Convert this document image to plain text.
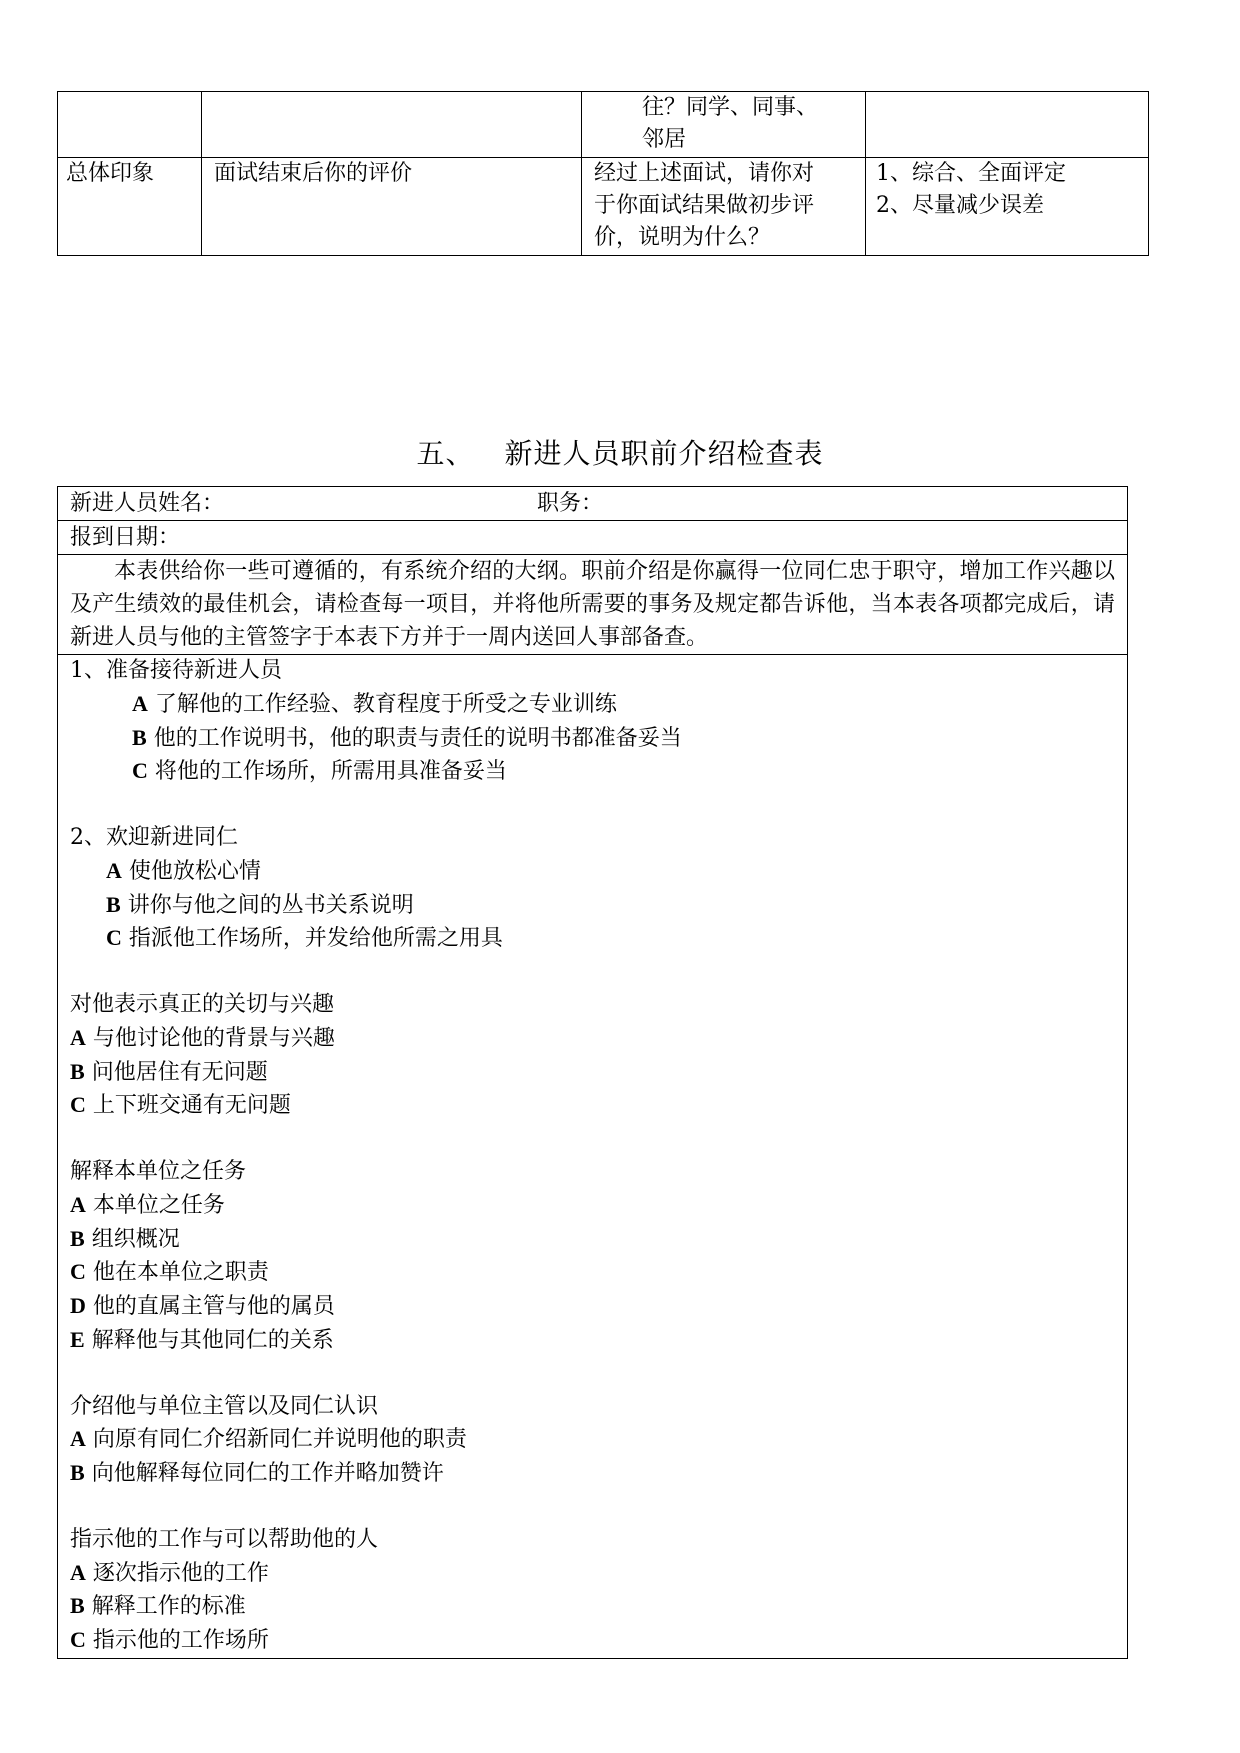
		往？同学、同事、
邻居	

总体印象	面试结束后你的评价	经过上述面试，请你对
于你面试结果做初步评
价，说明为什么？	1、综合、全面评定
2、尽量减少误差
五、 新进人员职前介绍检查表
新进人员姓名：	职务：
报到日期：
本表供给你一些可遵循的，有系统介绍的大纲。职前介绍是你赢得一位同仁忠于职守，增加工作兴趣以及产生绩效的最佳机会，请检查每一项目，并将他所需要的事务及规定都告诉他，当本表各项都完成后，请新进人员与他的主管签字于本表下方并于一周内送回人事部备查。
1、准备接待新进人员
A 了解他的工作经验、教育程度于所受之专业训练
B 他的工作说明书，他的职责与责任的说明书都准备妥当
C 将他的工作场所，所需用具准备妥当
2、欢迎新进同仁
A 使他放松心情
B 讲你与他之间的丛书关系说明
C 指派他工作场所，并发给他所需之用具
对他表示真正的关切与兴趣
A 与他讨论他的背景与兴趣
B 问他居住有无问题
C 上下班交通有无问题
解释本单位之任务
A 本单位之任务
B 组织概况
C 他在本单位之职责
D 他的直属主管与他的属员
E 解释他与其他同仁的关系
介绍他与单位主管以及同仁认识
A 向原有同仁介绍新同仁并说明他的职责
B 向他解释每位同仁的工作并略加赞许
指示他的工作与可以帮助他的人
A 逐次指示他的工作
B 解释工作的标准
C 指示他的工作场所
